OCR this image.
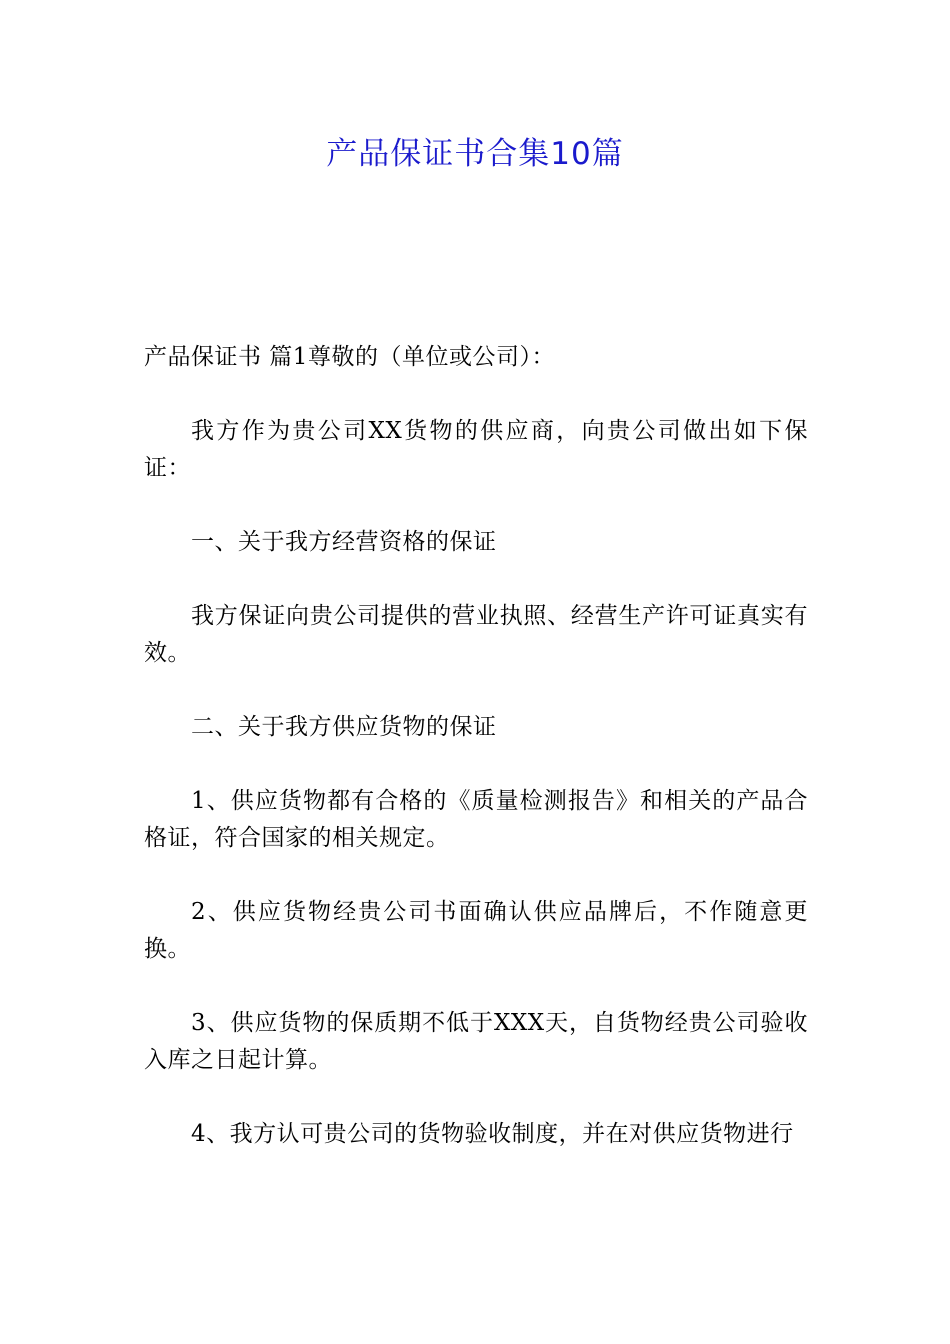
产品保证书合集10篇

产品保证书 篇1尊敬的（单位或公司）：

我方作为贵公司XX货物的供应商，向贵公司做出如下保证：

一、关于我方经营资格的保证

我方保证向贵公司提供的营业执照、经营生产许可证真实有效。

二、关于我方供应货物的保证

1、供应货物都有合格的《质量检测报告》和相关的产品合格证，符合国家的相关规定。

2、供应货物经贵公司书面确认供应品牌后，不作随意更换。

3、供应货物的保质期不低于XXX天，自货物经贵公司验收入库之日起计算。

4、我方认可贵公司的货物验收制度，并在对供应货物进行
